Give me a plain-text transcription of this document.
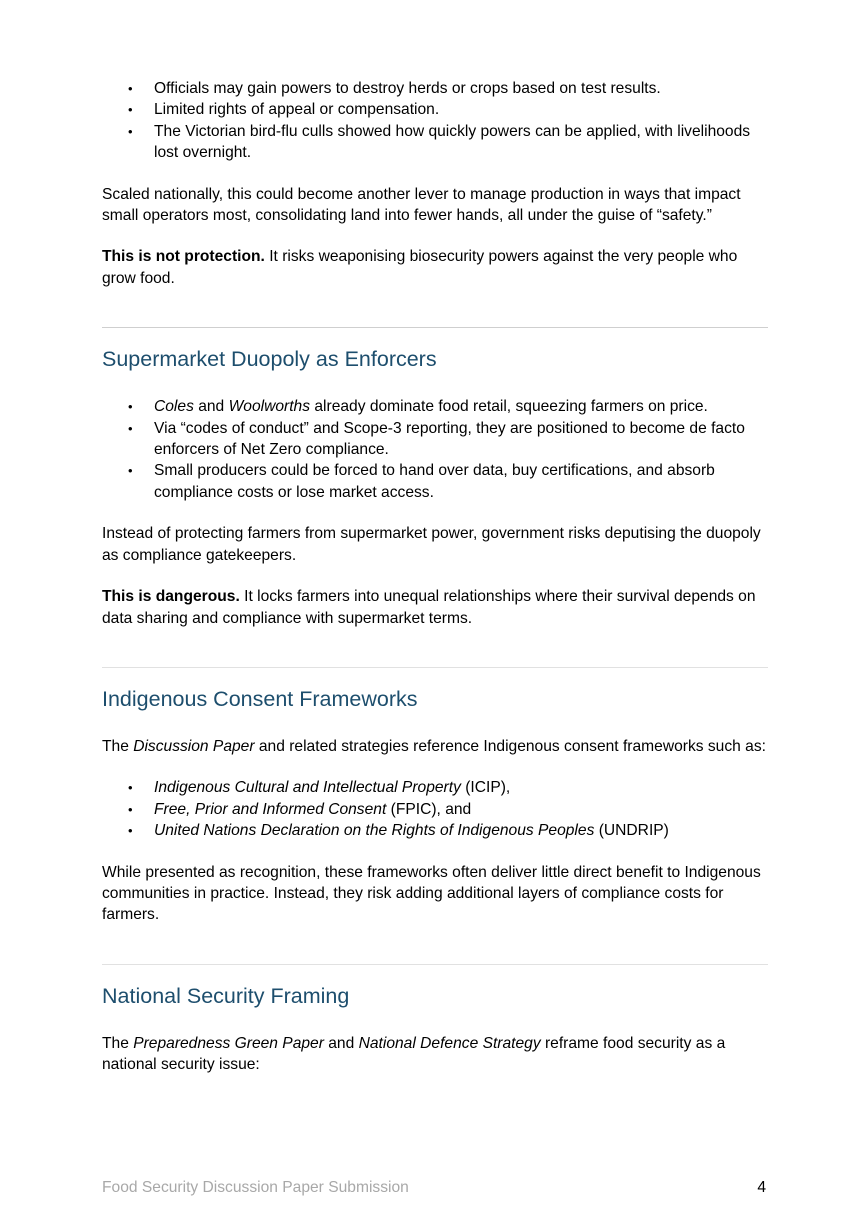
• Officials may gain powers to destroy herds or crops based on test results.
• Limited rights of appeal or compensation.
• The Victorian bird-flu culls showed how quickly powers can be applied, with livelihoods lost overnight.

Scaled nationally, this could become another lever to manage production in ways that impact small operators most, consolidating land into fewer hands, all under the guise of “safety.”

This is not protection. It risks weaponising biosecurity powers against the very people who grow food.

Supermarket Duopoly as Enforcers
• Coles and Woolworths already dominate food retail, squeezing farmers on price.
• Via “codes of conduct” and Scope-3 reporting, they are positioned to become de facto enforcers of Net Zero compliance.
• Small producers could be forced to hand over data, buy certifications, and absorb compliance costs or lose market access.

Instead of protecting farmers from supermarket power, government risks deputising the duopoly as compliance gatekeepers.

This is dangerous. It locks farmers into unequal relationships where their survival depends on data sharing and compliance with supermarket terms.

Indigenous Consent Frameworks

The Discussion Paper and related strategies reference Indigenous consent frameworks such as:

• Indigenous Cultural and Intellectual Property (ICIP),
• Free, Prior and Informed Consent (FPIC), and
• United Nations Declaration on the Rights of Indigenous Peoples (UNDRIP)

While presented as recognition, these frameworks often deliver little direct benefit to Indigenous communities in practice. Instead, they risk adding additional layers of compliance costs for farmers.

National Security Framing

The Preparedness Green Paper and National Defence Strategy reframe food security as a national security issue:

Food Security Discussion Paper Submission	4
